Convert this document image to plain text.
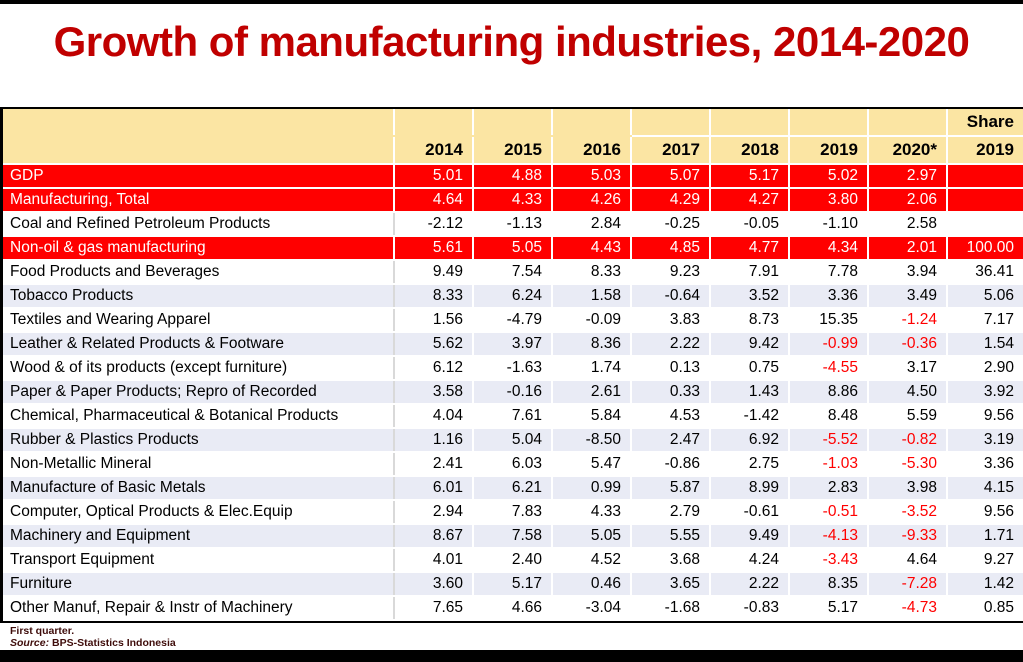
Growth of manufacturing industries, 2014-2020
								Share
	2014	2015	2016	2017	2018	2019	2020*	2019
GDP	5.01	4.88	5.03	5.07	5.17	5.02	2.97	
Manufacturing, Total	4.64	4.33	4.26	4.29	4.27	3.80	2.06	
Coal and Refined Petroleum Products	-2.12	-1.13	2.84	-0.25	-0.05	-1.10	2.58	
Non-oil & gas manufacturing	5.61	5.05	4.43	4.85	4.77	4.34	2.01	100.00
Food Products and Beverages	9.49	7.54	8.33	9.23	7.91	7.78	3.94	36.41
Tobacco Products	8.33	6.24	1.58	-0.64	3.52	3.36	3.49	5.06
Textiles and Wearing Apparel	1.56	-4.79	-0.09	3.83	8.73	15.35	-1.24	7.17
Leather & Related Products & Footware	5.62	3.97	8.36	2.22	9.42	-0.99	-0.36	1.54
Wood & of its products (except furniture)	6.12	-1.63	1.74	0.13	0.75	-4.55	3.17	2.90
Paper & Paper Products; Repro of Recorded	3.58	-0.16	2.61	0.33	1.43	8.86	4.50	3.92
Chemical, Pharmaceutical & Botanical Products	4.04	7.61	5.84	4.53	-1.42	8.48	5.59	9.56
Rubber & Plastics Products	1.16	5.04	-8.50	2.47	6.92	-5.52	-0.82	3.19
Non-Metallic Mineral	2.41	6.03	5.47	-0.86	2.75	-1.03	-5.30	3.36
Manufacture of Basic Metals	6.01	6.21	0.99	5.87	8.99	2.83	3.98	4.15
Computer, Optical Products & Elec.Equip	2.94	7.83	4.33	2.79	-0.61	-0.51	-3.52	9.56
Machinery and Equipment	8.67	7.58	5.05	5.55	9.49	-4.13	-9.33	1.71
Transport Equipment	4.01	2.40	4.52	3.68	4.24	-3.43	4.64	9.27
Furniture	3.60	5.17	0.46	3.65	2.22	8.35	-7.28	1.42
Other Manuf, Repair & Instr of Machinery	7.65	4.66	-3.04	-1.68	-0.83	5.17	-4.73	0.85
First quarter.
Source: BPS-Statistics Indonesia
